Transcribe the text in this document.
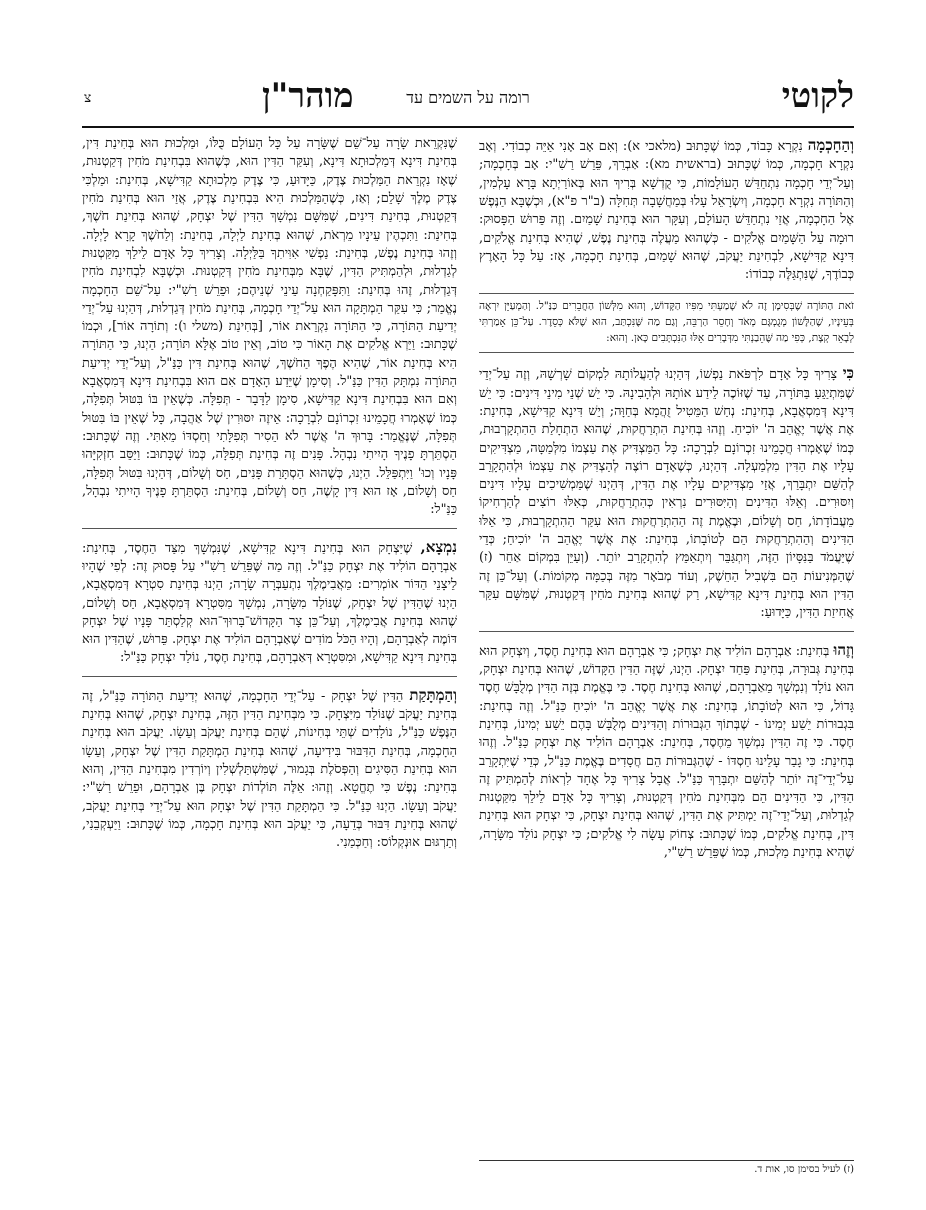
לקוטי
רומה על השמים עד
מוהר"ן
צ

וְהַחָכְמָה נִקְרָא כָּבוֹד, כְּמוֹ שֶׁכָּתוּב (מלאכי א): וְאִם אָב אָנִי אַיֵּה כְבוֹדִי. וְאָב נִקְרָא חָכְמָה, כְּמוֹ שֶׁכָּתוּב (בראשית מא): אַבְרֵךְ, פֵּרֵשׁ רַשִׁ"י: אָב בְּחָכְמָה; וְעַל־יְדֵי חָכְמָה נִתְחַדֵּשׁ הָעוֹלָמוֹת, כִּי קֻדְשָׁא בְּרִיךְ הוּא בְּאוֹרַיְתָא בָּרָא עָלְמִין, וְהַתּוֹרָה נִקְרָא חָכְמָה, וְיִשְׂרָאֵל עָלוּ בְּמַחֲשָׁבָה תְּחִלָּה (ב"ר פ"א), וּכְשֶׁבָּא הַנֶּפֶשׁ אֶל הַחָכְמָה, אֲזַי נִתְחַדֵּשׁ הָעוֹלָם, וְעִקָּר הוּא בְּחִינַת שָׁמַיִם. וְזֶה פֵּרוּשׁ הַפָּסוּק: רוּמָה עַל הַשָּׁמַיִם אֱלֹקִים - כְּשֶׁהוּא מַעֲלֶה בְּחִינַת נֶפֶשׁ, שֶׁהִיא בְּחִינַת אֱלֹקִים, דִּינָא קַדִּישָׁא, לִבְחִינַת יַעֲקֹב, שֶׁהוּא שָׁמַיִם, בְּחִינַת חָכְמָה, אָז: עַל כָּל הָאָרֶץ כְּבוֹדֶךָ, שֶׁנִּתְגַּלֶּה כְּבוֹדוֹ:

זֹאת הַתּוֹרָה שֶׁבְּסִימָן זֶה לֹא שָׁמַעְתִּי מִפִּיו הַקָּדוֹשׁ, וְהוּא מִלְּשׁוֹן הַחֲבֵרִים כַּנַּ"ל. וְהַמְעַיֵּן יִרְאֶה בְּעֵינָיו, שֶׁהַלָּשׁוֹן מְגֻמְגָּם מְאֹד וְחָסֵר הַרְבֵּה, וְגַם מַה שֶּׁנִּכְתַּב, הוּא שֶׁלֹּא כְּסֵדֶר. עַל־כֵּן אָמַרְתִּי לְבָאֵר קְצָת, כְּפִי מַה שֶּׁהֵבַנְתִּי מִדְּבָרִים אֵלּוּ הַנִּכְתָּבִים כָּאן. וְהוּא:

כִּי צָרִיךְ כָּל אָדָם לִרְפֹּאת נַפְשׁוֹ, דְּהַיְנוּ לְהַעֲלוֹתָהּ לִמְקוֹם שָׁרְשָׁהּ, וְזֶה עַל־יְדֵי שֶׁמִּתְיַגֵּעַ בַּתּוֹרָה, עַד שֶׁזּוֹכֶה לֵידַע אוֹתָהּ וּלְהָבִינָהּ. כִּי יֵשׁ שְׁנֵי מִינֵי דִּינִים: כִּי יֵשׁ דִּינָא דְּמִסְאֲבָא, בְּחִינַת: נְחַשׁ הַמֵּטִיל זֻהֲמָא בְּחַוָּה; וְיֵשׁ דִּינָא קַדִּישָׁא, בְּחִינַת: אֶת אֲשֶׁר יֶאֱהַב ה' יוֹכִיחַ. וְזֶהוּ בְּחִינַת הִתְרַחֲקוּת, שֶׁהוּא הַתְחָלַת הַהִתְקָרְבוּת, כְּמוֹ שֶׁאָמְרוּ חֲכָמֵינוּ זִכְרוֹנָם לִבְרָכָה: כָּל הַמַּצְדִּיק אֶת עַצְמוֹ מִלְּמַטָּה, מַצְדִּיקִים עָלָיו אֶת הַדִּין מִלְמַעְלָה. דְּהַיְנוּ, כְּשֶׁאָדָם רוֹצֶה לְהַצְדִּיק אֶת עַצְמוֹ וּלְהִתְקָרֵב לְהַשֵּׁם יִתְבָּרַךְ, אֲזַי מַצְדִּיקִים עָלָיו אֶת הַדִּין, דְּהַיְנוּ שֶׁמַּמְשִׁיכִים עָלָיו דִּינִים וְיִסּוּרִים. וְאֵלּוּ הַדִּינִים וְהַיִּסּוּרִים נִרְאִין כְּהִתְרַחֲקוּת, כְּאִלּוּ רוֹצִים לְהַרְחִיקוֹ מֵעֲבוֹדָתוֹ, חַס וְשָׁלוֹם, וּבֶאֱמֶת זֶה הַהִתְרַחֲקוּת הוּא עִקַּר הַהִתְקָרְבוּת, כִּי אֵלּוּ הַדִּינִים וְהַהִתְרַחֲקוּת הֵם לְטוֹבָתוֹ, בְּחִינַת: אֶת אֲשֶׁר יֶאֱהַב ה' יוֹכִיחַ; כְּדֵי שֶׁיַּעֲמֹד בַּנִּסָּיוֹן הַזֶּה, וְיִתְגַּבֵּר וְיִתְאַמֵּץ לְהִתְקָרֵב יוֹתֵר. (וְעַיֵּן בִּמְקוֹם אַחֵר (ז) שֶׁהַמְּנִיעוֹת הֵם בִּשְׁבִיל הַחֵשֶׁק, וְעוֹד מְבֹאָר מִזֶּה בְּכַמָּה מְקוֹמוֹת.) וְעַל־כֵּן זֶה הַדִּין הוּא בְּחִינַת דִּינָא קַדִּישָׁא, רַק שֶׁהוּא בְּחִינַת מֹחִין דְּקַטְנוּת, שֶׁמִּשָּׁם עִקַּר אֲחִיזַת הַדִּין, כַּיָּדוּעַ:

וְזֶהוּ בְּחִינַת: אַבְרָהָם הוֹלִיד אֶת יִצְחָק; כִּי אַבְרָהָם הוּא בְּחִינַת חֶסֶד, וְיִצְחָק הוּא בְּחִינַת גְּבוּרָה, בְּחִינַת פַּחַד יִצְחָק. הַיְנוּ, שֶׁזֶּה הַדִּין הַקָּדוֹשׁ, שֶׁהוּא בְּחִינַת יִצְחָק, הוּא נוֹלָד וְנִמְשָׁךְ מֵאַבְרָהָם, שֶׁהוּא בְּחִינַת חֶסֶד. כִּי בֶּאֱמֶת בְּזֶה הַדִּין מְלֻבָּשׁ חֶסֶד גָּדוֹל, כִּי הוּא לְטוֹבָתוֹ, בְּחִינַת: אֶת אֲשֶׁר יֶאֱהַב ה' יוֹכִיחַ כַּנַּ"ל. וְזֶה בְּחִינַת: בִּגְבוּרוֹת יֵשַׁע יְמִינוֹ - שֶׁבְּתוֹךְ הַגְּבוּרוֹת וְהַדִּינִים מְלֻבָּשׁ בָּהֶם יֵשַׁע יְמִינוֹ, בְּחִינַת חֶסֶד. כִּי זֶה הַדִּין נִמְשָׁךְ מֵחֶסֶד, בְּחִינַת: אַבְרָהָם הוֹלִיד אֶת יִצְחָק כַּנַּ"ל. וְזֶהוּ בְּחִינַת: כִּי גָבַר עָלֵינוּ חַסְדּוֹ - שֶׁהַגְּבוּרוֹת הֵם חֲסָדִים בֶּאֱמֶת כַּנַּ"ל, כְּדֵי שֶׁיִּתְקָרֵב עַל־יְדֵי־זֶה יוֹתֵר לְהַשֵּׁם יִתְבָּרַךְ כַּנַּ"ל. אֲבָל צָרִיךְ כָּל אֶחָד לִרְאוֹת לְהַמְתִּיק זֶה הַדִּין, כִּי הַדִּינִים הֵם מִבְּחִינַת מֹחִין דְּקַטְנוּת, וְצָרִיךְ כָּל אָדָם לֵילֵךְ מִקַּטְנוּת לְגַדְלוּת, וְעַל־יְדֵי־זֶה יַמְתִּיק אֶת הַדִּין, שֶׁהוּא בְּחִינַת יִצְחָק, כִּי יִצְחָק הוּא בְּחִינַת דִּין, בְּחִינַת אֱלֹקִים, כְּמוֹ שֶׁכָּתוּב: צְחוֹק עָשָׂה לִי אֱלֹקִים; כִּי יִצְחָק נוֹלַד מִשָּׂרָה, שֶׁהִיא בְּחִינַת מַלְכוּת, כְּמוֹ שֶׁפֵּרֵשׁ רַשִׁ"י,

שֶׁנִּקְרֵאת שָׂרָה עַל־שֵׁם שֶׁשָּׂרָה עַל כָּל הָעוֹלָם כֻּלּוֹ, וּמַלְכוּת הוּא בְּחִינַת דִּין, בְּחִינַת דִּינָא דְּמַלְכוּתָא דִּינָא, וְעִקַּר הַדִּין הוּא, כְּשֶׁהוּא בִּבְחִינַת מֹחִין דְּקַטְנוּת, שֶׁאָז נִקְרֵאת הַמַּלְכוּת צֶדֶק, כַּיָּדוּעַ, כִּי צֶדֶק מַלְכוּתָא קַדִּישָׁא, בְּחִינַת: וּמַלְכִּי צֶדֶק מֶלֶךְ שָׁלֵם; וְאַז, כְּשֶׁהַמַּלְכוּת הִיא בִּבְחִינַת צֶדֶק, אֲזַי הוּא בְּחִינַת מֹחִין דְּקַטְנוּת, בְּחִינַת דִּינִים, שֶׁמִּשָּׁם נִמְשָׁךְ הַדִּין שֶׁל יִצְחָק, שֶׁהוּא בְּחִינַת חֹשֶׁךְ, בְּחִינַת: וַתִּכְהֶין עֵינָיו מֵרְאֹת, שֶׁהוּא בְּחִינַת לַיְלָה, בְּחִינַת: וְלַחֹשֶׁךְ קָרָא לָיְלָה. וְזֶהוּ בְּחִינַת נֶפֶשׁ, בְּחִינַת: נַפְשִׁי אִוִּיתִךָ בַּלַּיְלָה. וְצָרִיךְ כָּל אָדָם לֵילֵךְ מִקַּטְנוּת לְגַדְלוּת, וּלְהַמְתִּיק הַדִּין, שֶׁבָּא מִבְּחִינַת מֹחִין דְּקַטְנוּת. וּכְשֶׁבָּא לִבְחִינַת מֹחִין דְּגַדְלוּת, זֶהוּ בְּחִינַת: וַתִּפָּקַחְנָה עֵינֵי שְׁנֵיהֶם; וּפֵרֵשׁ רַשִׁ"י: עַל־שֵׁם הַחָכְמָה נֶאֱמַר; כִּי עִקַּר הַמְתָּקָה הוּא עַל־יְדֵי חָכְמָה, בְּחִינַת מֹחִין דְּגַדְלוּת, דְּהַיְנוּ עַל־יְדֵי יְדִיעַת הַתּוֹרָה, כִּי הַתּוֹרָה נִקְרֵאת אוֹר, [בְּחִינַת (משלי ו): וְתוֹרָה אוֹר], וּכְמוֹ שֶׁכָּתוּב: וַיַּרְא אֱלֹקִים אֶת הָאוֹר כִּי טוֹב, וְאֵין טוֹב אֶלָּא תּוֹרָה; הַיְנוּ, כִּי הַתּוֹרָה הִיא בְּחִינַת אוֹר, שֶׁהִיא הֶפֶךְ הַחֹשֶׁךְ, שֶׁהוּא בְּחִינַת דִּין כַּנַּ"ל, וְעַל־יְדֵי יְדִיעַת הַתּוֹרָה נִמְתָּק הַדִּין כַּנַּ"ל. וְסִימָן שֶׁיֵּדַע הָאָדָם אִם הוּא בִּבְחִינַת דִּינָא דְּמִסְאֲבָא וְאִם הוּא בִּבְחִינַת דִּינָא קַדִּישָׁא, סִימָן לַדָּבָר - תְּפִלָּה. כְּשֶׁאֵין בּוֹ בִּטּוּל תְּפִלָּה, כְּמוֹ שֶׁאָמְרוּ חֲכָמֵינוּ זִכְרוֹנָם לִבְרָכָה: אֵיזֶה יִסּוּרִין שֶׁל אַהֲבָה, כָּל שֶׁאֵין בּוֹ בִּטּוּל תְּפִלָּה, שֶׁנֶּאֱמַר: בָּרוּךְ ה' אֲשֶׁר לֹא הֵסִיר תְּפִלָּתִי וְחַסְדּוֹ מֵאִתִּי. וְזֶה שֶׁכָּתוּב: הַסְתֵּרְתָּ פָנֶיךָ הָיִיתִי נִבְהָל. פָּנִים זֶה בְּחִינַת תְּפִלָּה, כְּמוֹ שֶׁכָּתוּב: וַיַּסֵּב חִזְקִיָּהוּ פָּנָיו וְכוּ' וַיִּתְפַּלֵּל. הַיְנוּ, כְּשֶׁהוּא הַסְתָּרַת פָּנִים, חַס וְשָׁלוֹם, דְּהַיְנוּ בִּטּוּל תְּפִלָּה, חַס וְשָׁלוֹם, אָז הוּא דִּין קָשֶׁה, חַס וְשָׁלוֹם, בְּחִינַת: הַסְתֵּרְתָּ פָנֶיךָ הָיִיתִי נִבְהָל, כַּנַּ"ל:

נִמְצָא, שֶׁיִּצְחָק הוּא בְּחִינַת דִּינָא קַדִּישָׁא, שֶׁנִּמְשָׁךְ מִצַּד הַחֶסֶד, בְּחִינַת: אַבְרָהָם הוֹלִיד אֶת יִצְחָק כַּנַּ"ל. וְזֶה מַה שֶּׁפֵּרֵשׁ רַשִׁ"י עַל פָּסוּק זֶה: לְפִי שֶׁהָיוּ לֵיצָנֵי הַדּוֹר אוֹמְרִים: מֵאֲבִימֶלֶךְ נִתְעַבְּרָה שָׂרָה; הַיְנוּ בְּחִינַת סִטְרָא דְּמִסְאֲבָא, הַיְנוּ שֶׁהַדִּין שֶׁל יִצְחָק, שֶׁנּוֹלַד מִשָּׂרָה, נִמְשָׁךְ מִסִּטְרָא דְּמִסְאֲבָא, חַס וְשָׁלוֹם, שֶׁהוּא בְּחִינַת אֲבִימֶלֶךְ, וְעַל־כֵּן צָר הַקָּדוֹשׁ־בָּרוּךְ־הוּא קְלַסְתֵּר פָּנָיו שֶׁל יִצְחָק דּוֹמֶה לְאַבְרָהָם, וְהָיוּ הַכֹּל מוֹדִים שֶׁאַבְרָהָם הוֹלִיד אֶת יִצְחָק. פֵּרוּשׁ, שֶׁהַדִּין הוּא בְּחִינַת דִּינָא קַדִּישָׁא, וּמִסִּטְרָא דְּאַבְרָהָם, בְּחִינַת חֶסֶד, נוֹלַד יִצְחָק כַּנַּ"ל:

וְהַמְתָּקַת הַדִּין שֶׁל יִצְחָק - עַל־יְדֵי הַחָכְמָה, שֶׁהוּא יְדִיעַת הַתּוֹרָה כַּנַּ"ל, זֶה בְּחִינַת יַעֲקֹב שֶׁנּוֹלַד מִיִּצְחָק. כִּי מִבְּחִינַת הַדִּין הַזֶּה, בְּחִינַת יִצְחָק, שֶׁהוּא בְּחִינַת הַנֶּפֶשׁ כַּנַּ"ל, נוֹלָדִים שְׁתֵּי בְּחִינוֹת, שֶׁהֵם בְּחִינַת יַעֲקֹב וְעֵשָׂו. יַעֲקֹב הוּא בְּחִינַת הַחָכְמָה, בְּחִינַת הַדִּבּוּר בִּידִיעָה, שֶׁהוּא בְּחִינַת הַמְתָּקַת הַדִּין שֶׁל יִצְחָק, וְעֵשָׂו הוּא בְּחִינַת הַסִּיגִים וְהַפְּסֹלֶת בְּגָמוּר, שֶׁמִּשְׁתַּלְשְׁלִין וְיוֹרְדִין מִבְּחִינַת הַדִּין, וְהוּא בְּחִינַת: נֶפֶשׁ כִּי תֶחֱטָא. וְזֶהוּ: אֵלֶּה תּוֹלְדוֹת יִצְחָק בֶּן אַבְרָהָם, וּפֵרֵשׁ רַשִׁ"י: יַעֲקֹב וְעֵשָׂו. הַיְנוּ כַּנַּ"ל. כִּי הַמְתָּקַת הַדִּין שֶׁל יִצְחָק הוּא עַל־יְדֵי בְּחִינַת יַעֲקֹב, שֶׁהוּא בְּחִינַת דִּבּוּר בְּדֵעָה, כִּי יַעֲקֹב הוּא בְּחִינַת חָכְמָה, כְּמוֹ שֶׁכָּתוּב: וַיַּעְקְבֵנִי, וְתַרְגּוּם אוּנְקְלוֹס: וְחַכְּמַנִי.

(ז) לעיל בסימן סו, אות ד.
